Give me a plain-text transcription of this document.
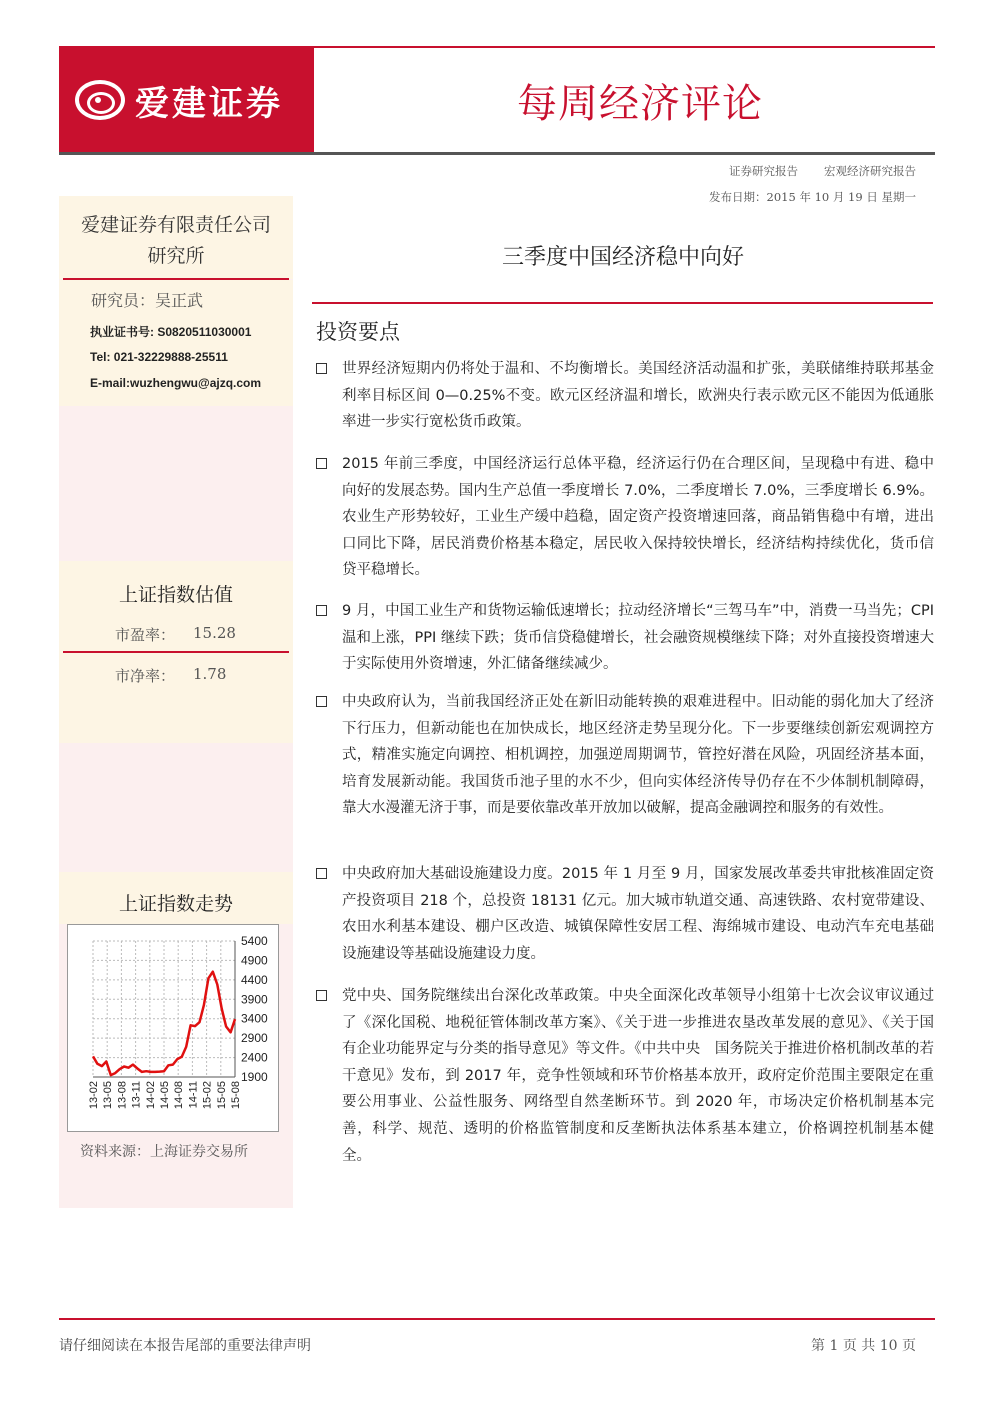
爱建证券	每周经济评论
证券研究报告 宏观经济研究报告
发布日期：2015 年 10 月 19 日 星期一
爱建证券有限责任公司
研究所
研究员：吴正武
执业证书号: S0820511030001
Tel: 021-32229888-25511
E-mail:wuzhengwu@ajzq.com
上证指数估值
市盈率： 15.28
市净率： 1.78
上证指数走势
5400
4900
4400
3900
3400
2900
2400
1900
13-02 13-05 13-08 13-11 14-02 14-05 14-08 14-11 15-02 15-05 15-08
资料来源：上海证券交易所
三季度中国经济稳中向好
投资要点
世界经济短期内仍将处于温和、不均衡增长。美国经济活动温和扩张，美联储维持联邦基金利率目标区间 0—0.25%不变。欧元区经济温和增长，欧洲央行表示欧元区不能因为低通胀率进一步实行宽松货币政策。
2015 年前三季度，中国经济运行总体平稳，经济运行仍在合理区间，呈现稳中有进、稳中向好的发展态势。国内生产总值一季度增长 7.0%，二季度增长 7.0%，三季度增长 6.9%。农业生产形势较好，工业生产缓中趋稳，固定资产投资增速回落，商品销售稳中有增，进出口同比下降，居民消费价格基本稳定，居民收入保持较快增长，经济结构持续优化，货币信贷平稳增长。
9 月，中国工业生产和货物运输低速增长；拉动经济增长“三驾马车”中，消费一马当先；CPI 温和上涨，PPI 继续下跌；货币信贷稳健增长，社会融资规模继续下降；对外直接投资增速大于实际使用外资增速，外汇储备继续减少。
中央政府认为，当前我国经济正处在新旧动能转换的艰难进程中。旧动能的弱化加大了经济下行压力，但新动能也在加快成长，地区经济走势呈现分化。下一步要继续创新宏观调控方式，精准实施定向调控、相机调控，加强逆周期调节，管控好潜在风险，巩固经济基本面，培育发展新动能。我国货币池子里的水不少，但向实体经济传导仍存在不少体制机制障碍，靠大水漫灌无济于事，而是要依靠改革开放加以破解，提高金融调控和服务的有效性。
中央政府加大基础设施建设力度。2015 年 1 月至 9 月，国家发展改革委共审批核准固定资产投资项目 218 个，总投资 18131 亿元。加大城市轨道交通、高速铁路、农村宽带建设、农田水利基本建设、棚户区改造、城镇保障性安居工程、海绵城市建设、电动汽车充电基础设施建设等基础设施建设力度。
党中央、国务院继续出台深化改革政策。中央全面深化改革领导小组第十七次会议审议通过了《深化国税、地税征管体制改革方案》、《关于进一步推进农垦改革发展的意见》、《关于国有企业功能界定与分类的指导意见》等文件。《中共中央　国务院关于推进价格机制改革的若干意见》发布，到 2017 年，竞争性领域和环节价格基本放开，政府定价范围主要限定在重要公用事业、公益性服务、网络型自然垄断环节。到 2020 年，市场决定价格机制基本完善，科学、规范、透明的价格监管制度和反垄断执法体系基本建立，价格调控机制基本健全。
请仔细阅读在本报告尾部的重要法律声明	第 1 页 共 10 页
